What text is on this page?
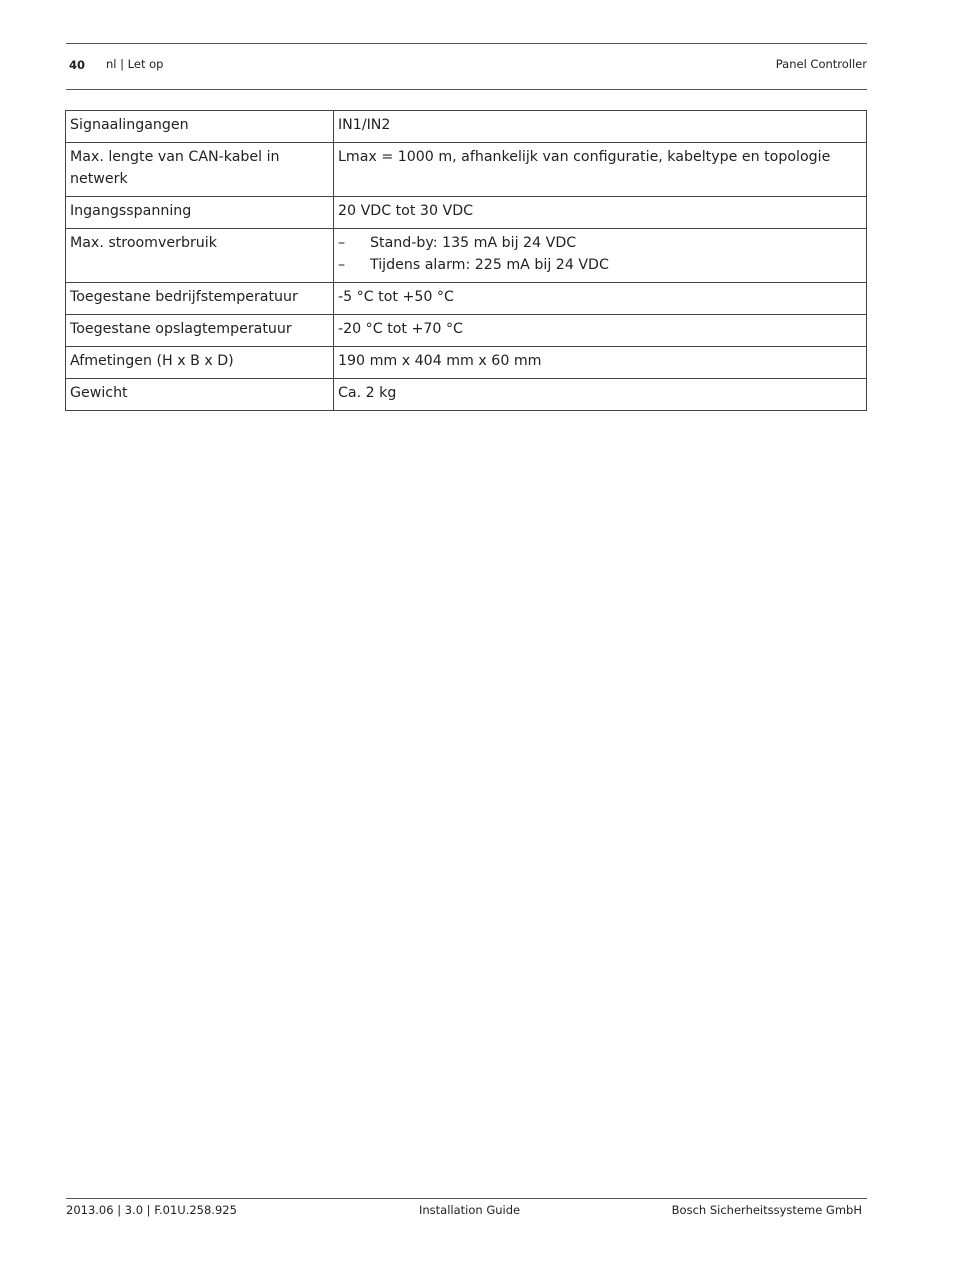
40 nl | Let op	Panel Controller
Signaalingangen	IN1/IN2
Max. lengte van CAN-kabel in netwerk	Lmax = 1000 m, afhankelijk van configuratie, kabeltype en topologie
Ingangsspanning	20 VDC tot 30 VDC
Max. stroomverbruik	– Stand-by: 135 mA bij 24 VDC
– Tijdens alarm: 225 mA bij 24 VDC

Toegestane bedrijfstemperatuur	-5 °C tot +50 °C
Toegestane opslagtemperatuur	-20 °C tot +70 °C
Afmetingen (H x B x D)	190 mm x 404 mm x 60 mm
Gewicht	Ca. 2 kg
2013.06 | 3.0 | F.01U.258.925	Installation Guide	Bosch Sicherheitssysteme GmbH
